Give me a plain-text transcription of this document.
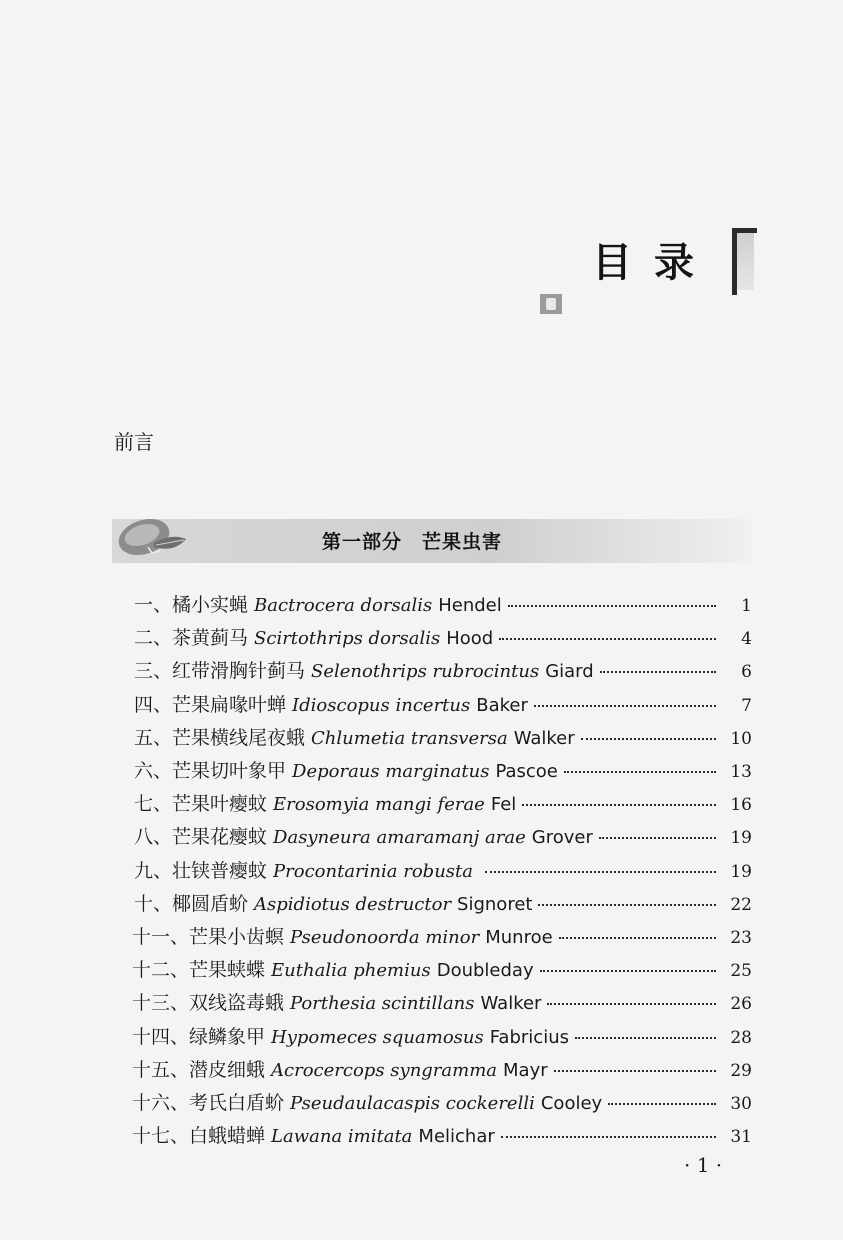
目录
前言
第一部分　芒果虫害
一、 橘小实蝇 Bactrocera dorsalis Hendel	1
二、 茶黄蓟马 Scirtothrips dorsalis Hood	4
三、 红带滑胸针蓟马 Selenothrips rubrocintus Giard	6
四、 芒果扁喙叶蝉 Idioscopus incertus Baker	7
五、 芒果横线尾夜蛾 Chlumetia transversa Walker	10
六、 芒果切叶象甲 Deporaus marginatus Pascoe	13
七、 芒果叶瘿蚊 Erosomyia mangi ferae Fel	16
八、 芒果花瘿蚊 Dasyneura amaramanj arae Grover	19
九、 壮铗普瘿蚊 Procontarinia robusta	19
十、 椰圆盾蚧 Aspidiotus destructor Signoret	22
十一、 芒果小齿螟 Pseudonoorda minor Munroe	23
十二、 芒果蛱蝶 Euthalia phemius Doubleday	25
十三、 双线盗毒蛾 Porthesia scintillans Walker	26
十四、 绿鳞象甲 Hypomeces squamosus Fabricius	28
十五、 潜皮细蛾 Acrocercops syngramma Mayr	29
十六、 考氏白盾蚧 Pseudaulacaspis cockerelli Cooley	30
十七、 白蛾蜡蝉 Lawana imitata Melichar	31
· 1 ·
